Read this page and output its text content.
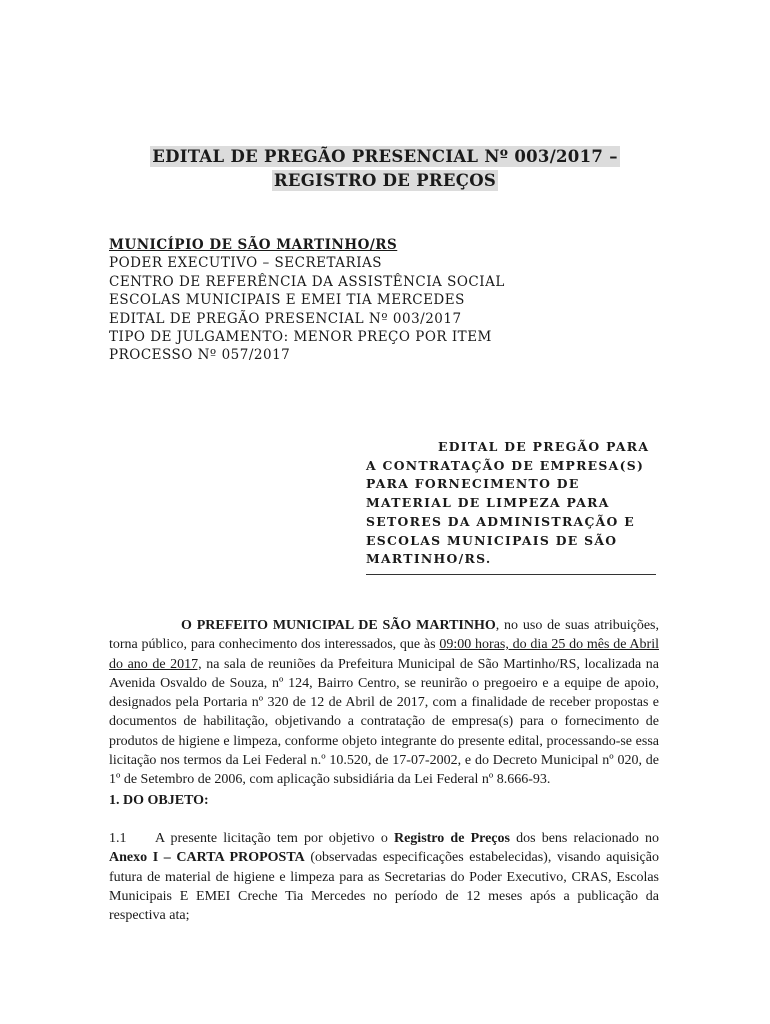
EDITAL DE PREGÃO PRESENCIAL Nº 003/2017 –
REGISTRO DE PREÇOS
MUNICÍPIO DE SÃO MARTINHO/RS
PODER EXECUTIVO – SECRETARIAS
CENTRO DE REFERÊNCIA DA ASSISTÊNCIA SOCIAL
ESCOLAS MUNICIPAIS E EMEI TIA MERCEDES
EDITAL DE PREGÃO PRESENCIAL Nº 003/2017
TIPO DE JULGAMENTO: MENOR PREÇO POR ITEM
PROCESSO Nº 057/2017
EDITAL DE PREGÃO PARA
A CONTRATAÇÃO DE EMPRESA(S)
PARA FORNECIMENTO DE
MATERIAL DE LIMPEZA PARA
SETORES DA ADMINISTRAÇÃO E
ESCOLAS MUNICIPAIS DE SÃO
MARTINHO/RS.

O PREFEITO MUNICIPAL DE SÃO MARTINHO, no uso de suas atribuições, torna público, para conhecimento dos interessados, que às 09:00 horas, do dia 25 do mês de Abril do ano de 2017, na sala de reuniões da Prefeitura Municipal de São Martinho/RS, localizada na Avenida Osvaldo de Souza, nº 124, Bairro Centro, se reunirão o pregoeiro e a equipe de apoio, designados pela Portaria nº 320 de 12 de Abril de 2017, com a finalidade de receber propostas e documentos de habilitação, objetivando a contratação de empresa(s) para o fornecimento de produtos de higiene e limpeza, conforme objeto integrante do presente edital, processando-se essa licitação nos termos da Lei Federal n.º 10.520, de 17-07-2002, e do Decreto Municipal nº 020, de 1º de Setembro de 2006, com aplicação subsidiária da Lei Federal nº 8.666-93.

1. DO OBJETO:

1.1 A presente licitação tem por objetivo o Registro de Preços dos bens relacionado no Anexo I – CARTA PROPOSTA (observadas especificações estabelecidas), visando aquisição futura de material de higiene e limpeza para as Secretarias do Poder Executivo, CRAS, Escolas Municipais E EMEI Creche Tia Mercedes no período de 12 meses após a publicação da respectiva ata;
